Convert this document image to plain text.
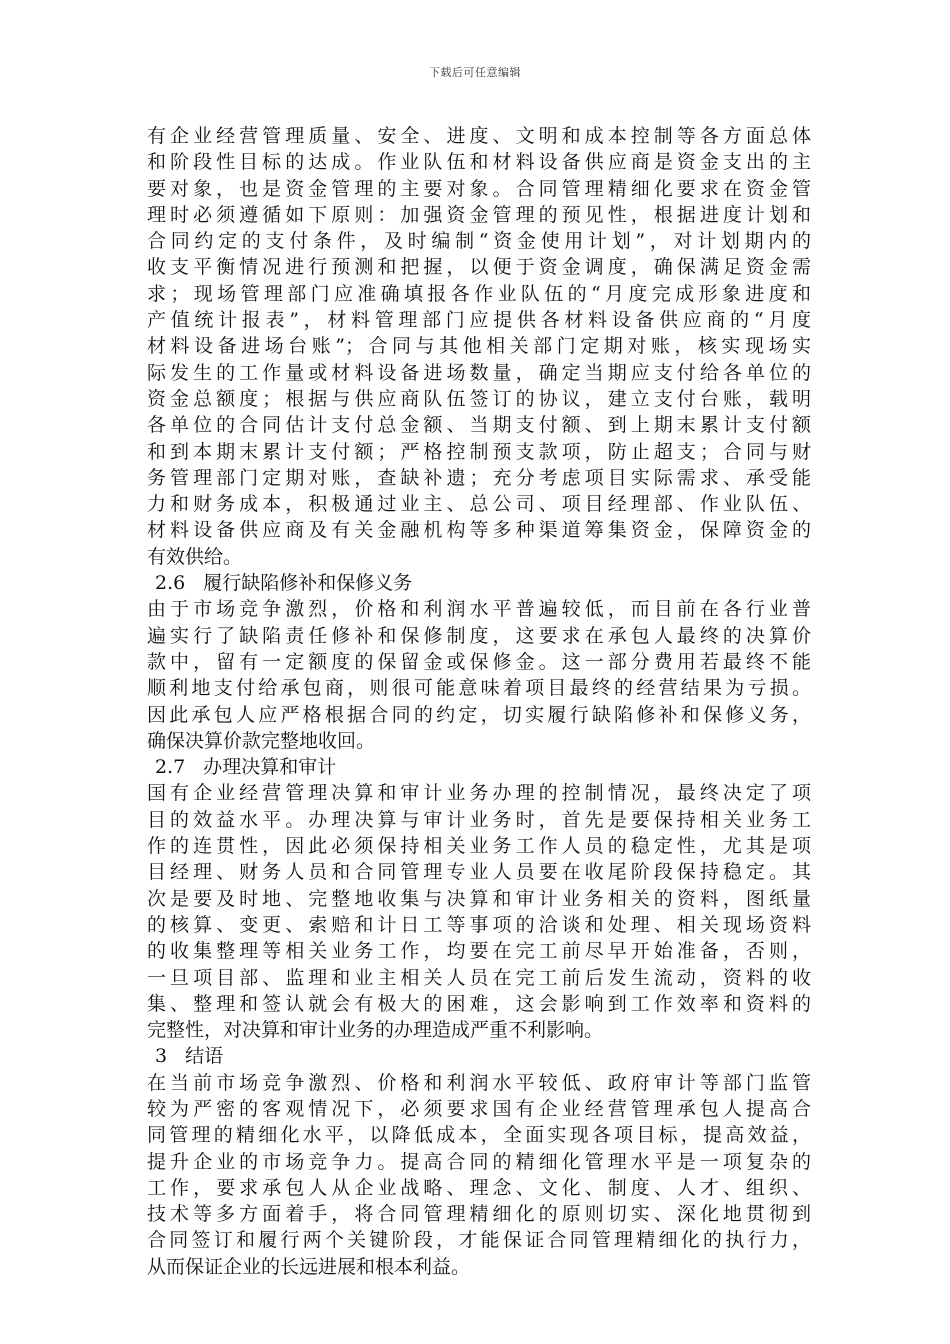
下载后可任意编辑
有企业经营管理质量、安全、进度、文明和成本控制等各方面总体
和阶段性目标的达成。作业队伍和材料设备供应商是资金支出的主
要对象，也是资金管理的主要对象。合同管理精细化要求在资金管
理时必须遵循如下原则：加强资金管理的预见性，根据进度计划和
合同约定的支付条件，及时编制“资金使用计划”，对计划期内的
收支平衡情况进行预测和把握，以便于资金调度，确保满足资金需
求；现场管理部门应准确填报各作业队伍的“月度完成形象进度和
产值统计报表”，材料管理部门应提供各材料设备供应商的“月度
材料设备进场台账”；合同与其他相关部门定期对账，核实现场实
际发生的工作量或材料设备进场数量，确定当期应支付给各单位的
资金总额度；根据与供应商队伍签订的协议，建立支付台账，载明
各单位的合同估计支付总金额、当期支付额、到上期末累计支付额
和到本期末累计支付额；严格控制预支款项，防止超支；合同与财
务管理部门定期对账，查缺补遗；充分考虑项目实际需求、承受能
力和财务成本，积极通过业主、总公司、项目经理部、作业队伍、
材料设备供应商及有关金融机构等多种渠道筹集资金，保障资金的
有效供给。
2.6 履行缺陷修补和保修义务
由于市场竞争激烈，价格和利润水平普遍较低，而目前在各行业普
遍实行了缺陷责任修补和保修制度，这要求在承包人最终的决算价
款中，留有一定额度的保留金或保修金。这一部分费用若最终不能
顺利地支付给承包商，则很可能意味着项目最终的经营结果为亏损。
因此承包人应严格根据合同的约定，切实履行缺陷修补和保修义务，
确保决算价款完整地收回。
2.7 办理决算和审计
国有企业经营管理决算和审计业务办理的控制情况，最终决定了项
目的效益水平。办理决算与审计业务时，首先是要保持相关业务工
作的连贯性，因此必须保持相关业务工作人员的稳定性，尤其是项
目经理、财务人员和合同管理专业人员要在收尾阶段保持稳定。其
次是要及时地、完整地收集与决算和审计业务相关的资料，图纸量
的核算、变更、索赔和计日工等事项的洽谈和处理、相关现场资料
的收集整理等相关业务工作，均要在完工前尽早开始准备，否则，
一旦项目部、监理和业主相关人员在完工前后发生流动，资料的收
集、整理和签认就会有极大的困难，这会影响到工作效率和资料的
完整性，对决算和审计业务的办理造成严重不利影响。
3 结语
在当前市场竞争激烈、价格和利润水平较低、政府审计等部门监管
较为严密的客观情况下，必须要求国有企业经营管理承包人提高合
同管理的精细化水平，以降低成本，全面实现各项目标，提高效益，
提升企业的市场竞争力。提高合同的精细化管理水平是一项复杂的
工作，要求承包人从企业战略、理念、文化、制度、人才、组织、
技术等多方面着手，将合同管理精细化的原则切实、深化地贯彻到
合同签订和履行两个关键阶段，才能保证合同管理精细化的执行力，
从而保证企业的长远进展和根本利益。
